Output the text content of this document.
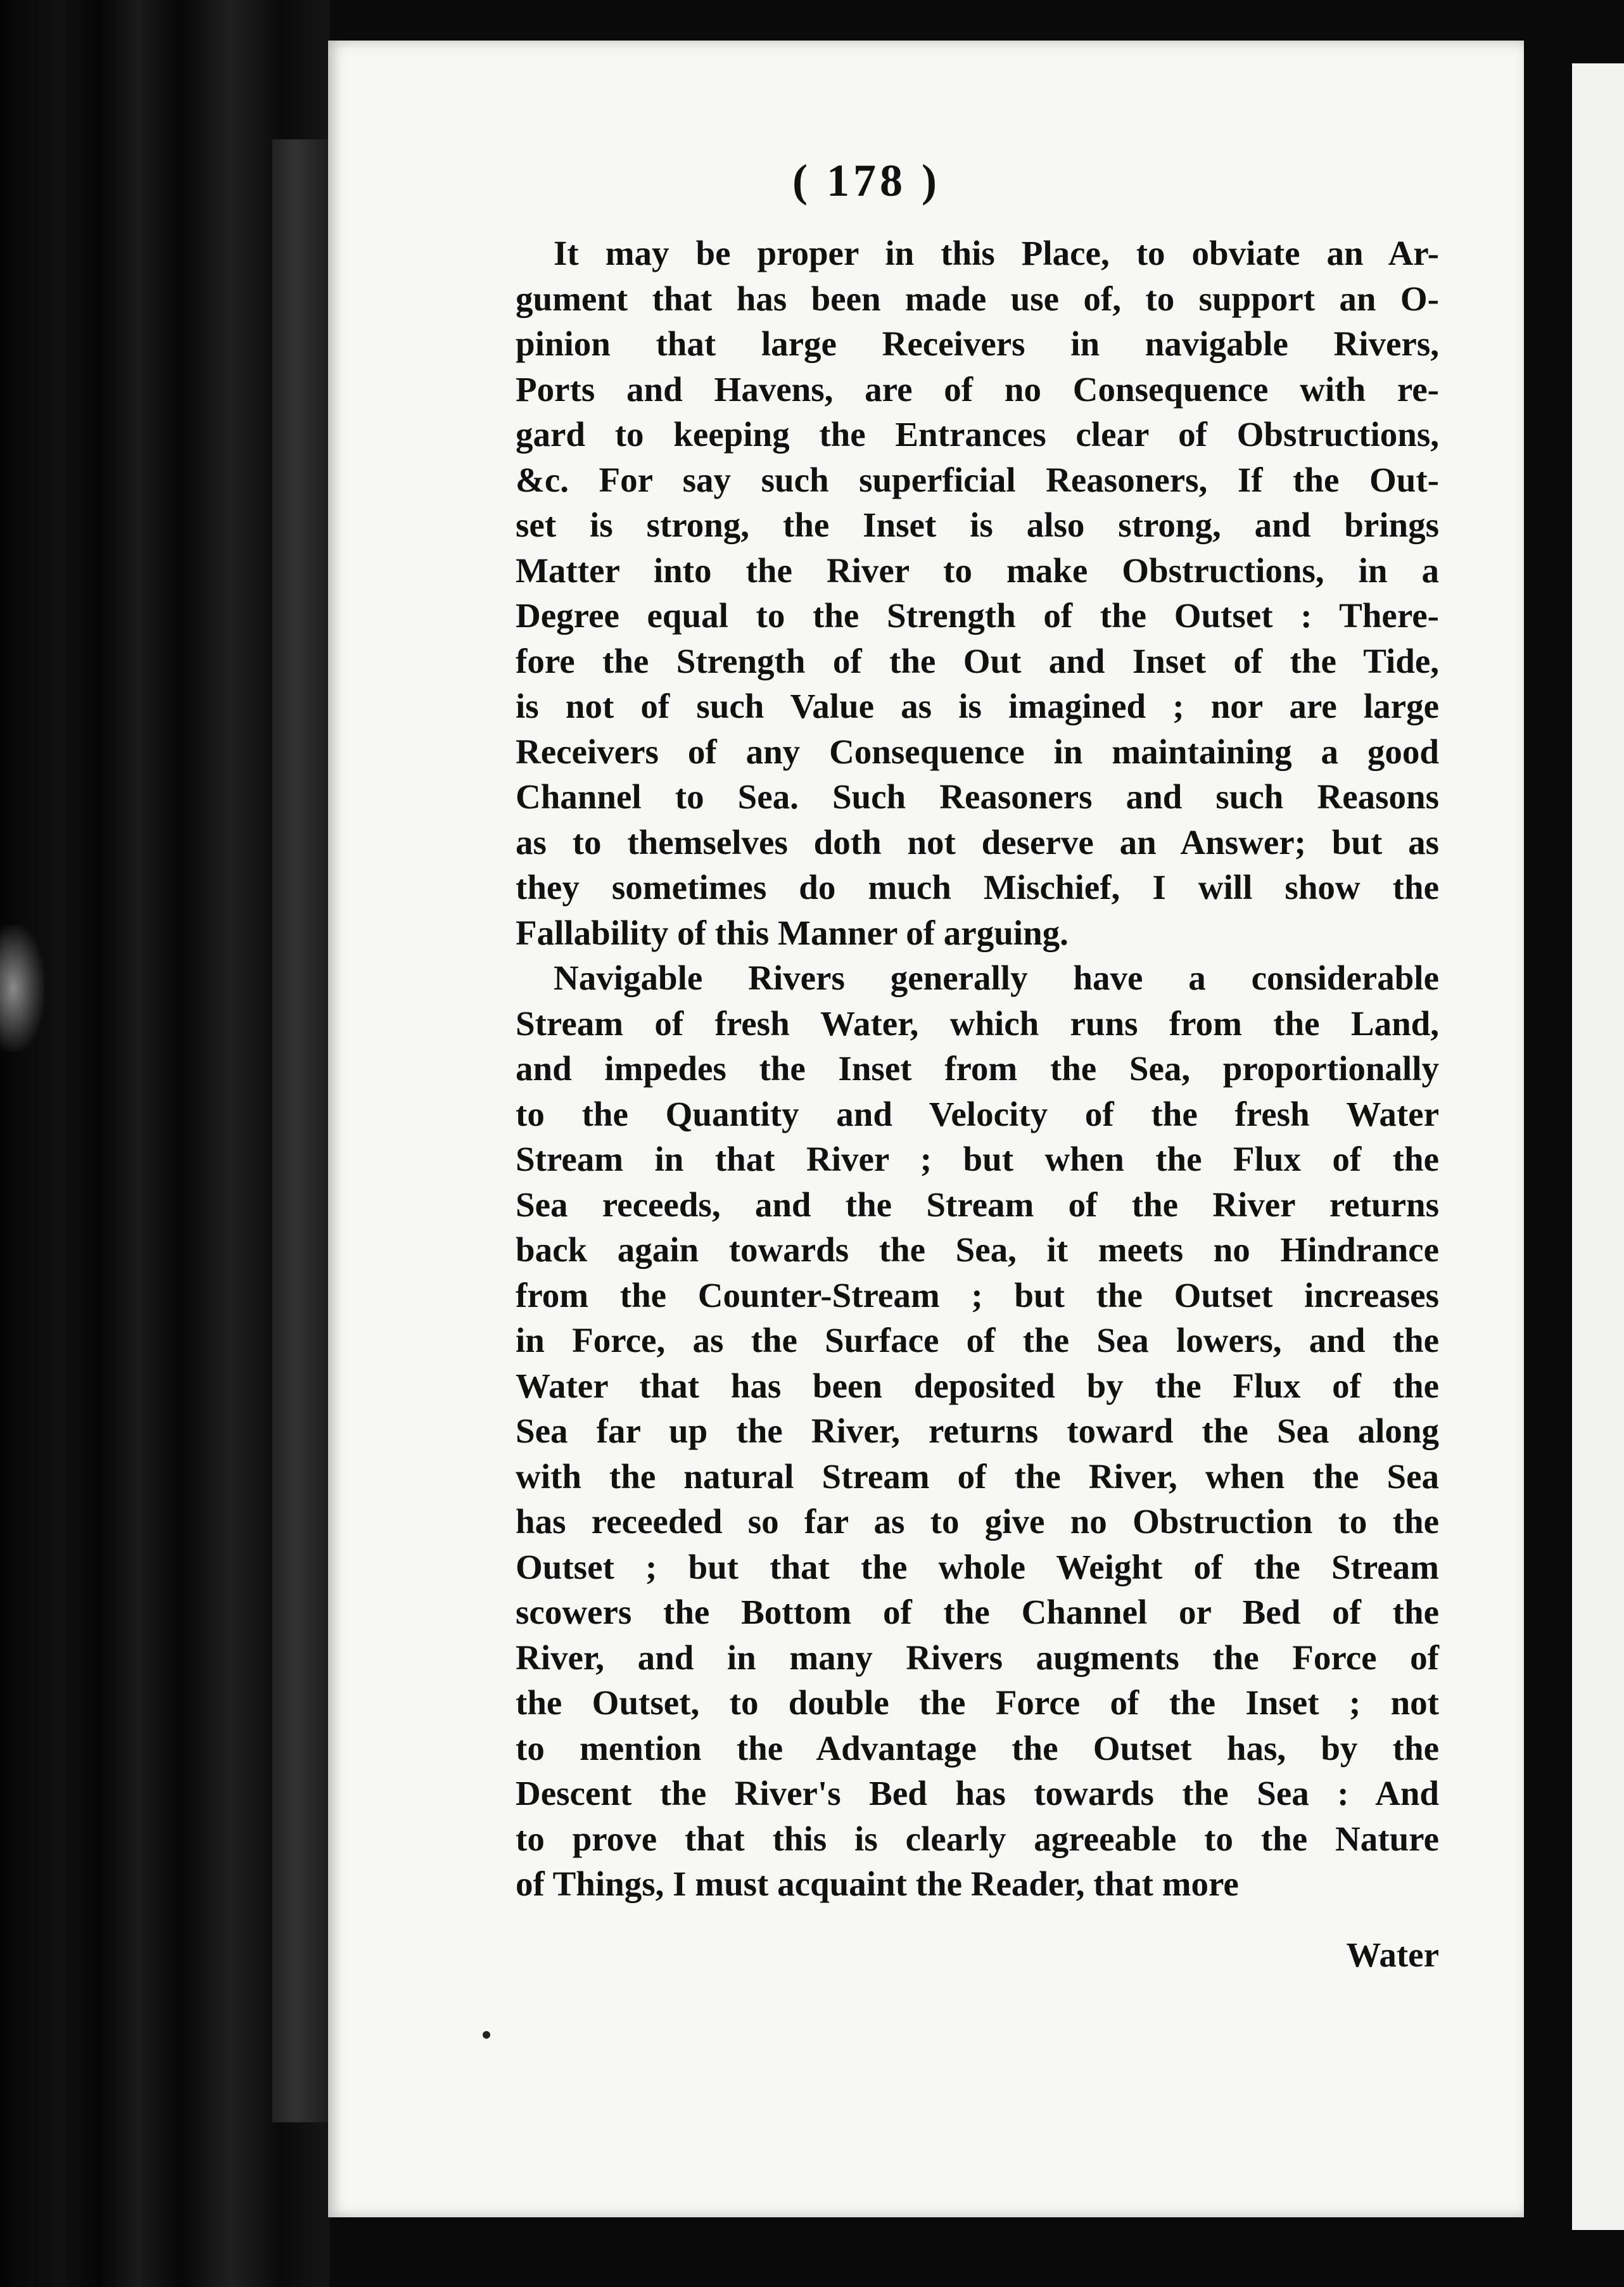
( 178 )
It may be proper in this Place, to obviate an Ar-
gument that has been made use of, to support an O-
pinion that large Receivers in navigable Rivers,
Ports and Havens, are of no Consequence with re-
gard to keeping the Entrances clear of Obstructions,
&c. For say such superficial Reasoners, If the Out-
set is strong, the Inset is also strong, and brings
Matter into the River to make Obstructions, in a
Degree equal to the Strength of the Outset : There-
fore the Strength of the Out and Inset of the Tide,
is not of such Value as is imagined ; nor are large
Receivers of any Consequence in maintaining a good
Channel to Sea. Such Reasoners and such Reasons
as to themselves doth not deserve an Answer; but as
they sometimes do much Mischief, I will show the
Fallability of this Manner of arguing.
Navigable Rivers generally have a considerable
Stream of fresh Water, which runs from the Land,
and impedes the Inset from the Sea, proportionally
to the Quantity and Velocity of the fresh Water
Stream in that River ; but when the Flux of the
Sea receeds, and the Stream of the River returns
back again towards the Sea, it meets no Hindrance
from the Counter-Stream ; but the Outset increases
in Force, as the Surface of the Sea lowers, and the
Water that has been deposited by the Flux of the
Sea far up the River, returns toward the Sea along
with the natural Stream of the River, when the Sea
has receeded so far as to give no Obstruction to the
Outset ; but that the whole Weight of the Stream
scowers the Bottom of the Channel or Bed of the
River, and in many Rivers augments the Force of
the Outset, to double the Force of the Inset ; not
to mention the Advantage the Outset has, by the
Descent the River's Bed has towards the Sea : And
to prove that this is clearly agreeable to the Nature
of Things, I must acquaint the Reader, that more
Water
